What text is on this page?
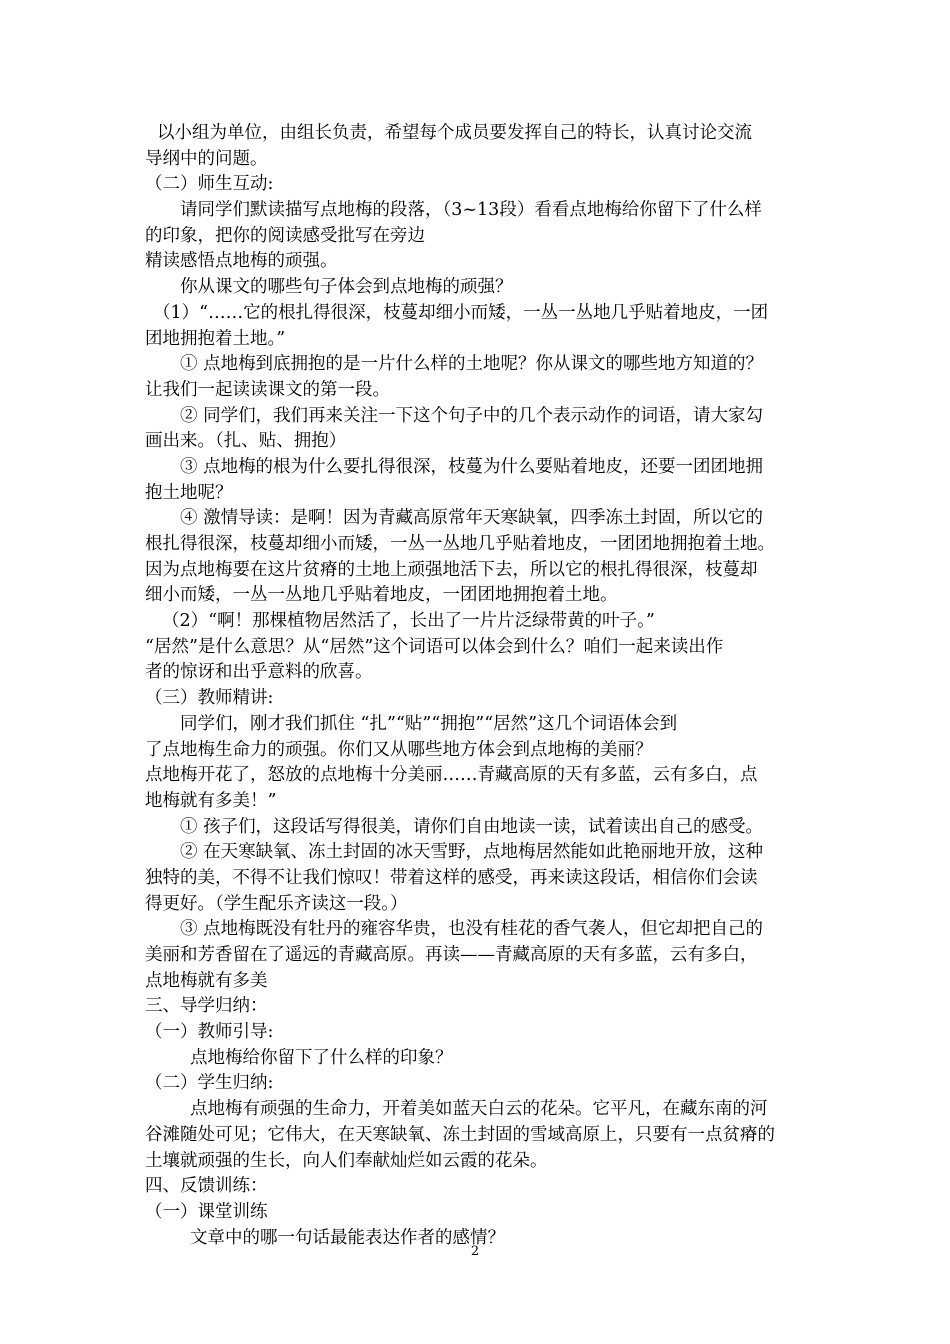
以小组为单位，由组长负责，希望每个成员要发挥自己的特长，认真讨论交流
导纲中的问题。
（二）师生互动:
请同学们默读描写点地梅的段落，（3~13段）看看点地梅给你留下了什么样
的印象，把你的阅读感受批写在旁边
精读感悟点地梅的顽强。
你从课文的哪些句子体会到点地梅的顽强？
（1）“……它的根扎得很深，枝蔓却细小而矮，一丛一丛地几乎贴着地皮，一团
团地拥抱着土地。”
① 点地梅到底拥抱的是一片什么样的土地呢？你从课文的哪些地方知道的？
让我们一起读读课文的第一段。
② 同学们，我们再来关注一下这个句子中的几个表示动作的词语，请大家勾
画出来。（扎、贴、拥抱）
③ 点地梅的根为什么要扎得很深，枝蔓为什么要贴着地皮，还要一团团地拥
抱土地呢？
④ 激情导读：是啊！因为青藏高原常年天寒缺氧，四季冻土封固，所以它的
根扎得很深，枝蔓却细小而矮，一丛一丛地几乎贴着地皮，一团团地拥抱着土地。
因为点地梅要在这片贫瘠的土地上顽强地活下去，所以它的根扎得很深，枝蔓却
细小而矮，一丛一丛地几乎贴着地皮，一团团地拥抱着土地。
（2）“啊！那棵植物居然活了，长出了一片片泛绿带黄的叶子。”
“居然”是什么意思？从“居然”这个词语可以体会到什么？咱们一起来读出作
者的惊讶和出乎意料的欣喜。
（三）教师精讲:
同学们，刚才我们抓住 “扎”“贴”“拥抱”“居然”这几个词语体会到
了点地梅生命力的顽强。你们又从哪些地方体会到点地梅的美丽？
点地梅开花了，怒放的点地梅十分美丽……青藏高原的天有多蓝，云有多白，点
地梅就有多美！”
① 孩子们，这段话写得很美，请你们自由地读一读，试着读出自己的感受。
② 在天寒缺氧、冻土封固的冰天雪野，点地梅居然能如此艳丽地开放，这种
独特的美，不得不让我们惊叹！带着这样的感受，再来读这段话，相信你们会读
得更好。（学生配乐齐读这一段。）
③ 点地梅既没有牡丹的雍容华贵，也没有桂花的香气袭人，但它却把自己的
美丽和芳香留在了遥远的青藏高原。再读——青藏高原的天有多蓝，云有多白，
点地梅就有多美
三、导学归纳：
（一）教师引导:
点地梅给你留下了什么样的印象？
（二）学生归纳:
点地梅有顽强的生命力，开着美如蓝天白云的花朵。它平凡，在藏东南的河
谷滩随处可见；它伟大，在天寒缺氧、冻土封固的雪域高原上，只要有一点贫瘠的
土壤就顽强的生长，向人们奉献灿烂如云霞的花朵。
四、反馈训练：
（一）课堂训练
文章中的哪一句话最能表达作者的感情？
2
